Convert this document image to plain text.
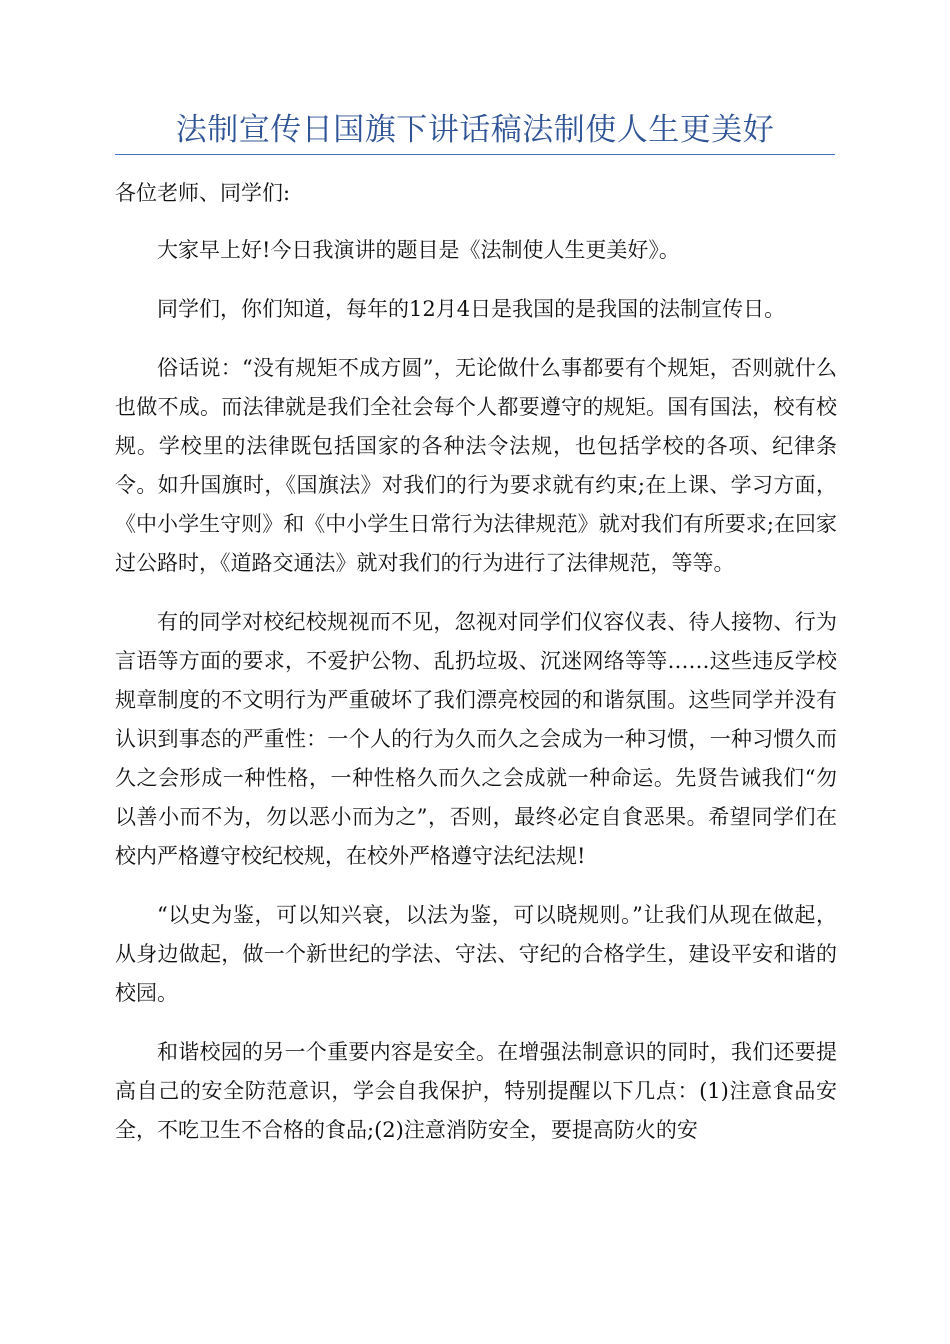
法制宣传日国旗下讲话稿法制使人生更美好

各位老师、同学们:

大家早上好!今日我演讲的题目是《法制使人生更美好》。

同学们，你们知道，每年的12月4日是我国的是我国的法制宣传日。

俗话说：“没有规矩不成方圆”，无论做什么事都要有个规矩，否则就什么也做不成。而法律就是我们全社会每个人都要遵守的规矩。国有国法，校有校规。学校里的法律既包括国家的各种法令法规，也包括学校的各项、纪律条令。如升国旗时，《国旗法》对我们的行为要求就有约束;在上课、学习方面，《中小学生守则》和《中小学生日常行为法律规范》就对我们有所要求;在回家过公路时，《道路交通法》就对我们的行为进行了法律规范，等等。

有的同学对校纪校规视而不见，忽视对同学们仪容仪表、待人接物、行为言语等方面的要求，不爱护公物、乱扔垃圾、沉迷网络等等……这些违反学校规章制度的不文明行为严重破坏了我们漂亮校园的和谐氛围。这些同学并没有认识到事态的严重性：一个人的行为久而久之会成为一种习惯，一种习惯久而久之会形成一种性格，一种性格久而久之会成就一种命运。先贤告诫我们“勿以善小而不为，勿以恶小而为之”，否则，最终必定自食恶果。希望同学们在校内严格遵守校纪校规，在校外严格遵守法纪法规!

“以史为鉴，可以知兴衰，以法为鉴，可以晓规则。”让我们从现在做起，从身边做起，做一个新世纪的学法、守法、守纪的合格学生，建设平安和谐的校园。

和谐校园的另一个重要内容是安全。在增强法制意识的同时，我们还要提高自己的安全防范意识，学会自我保护，特别提醒以下几点：(1)注意食品安全，不吃卫生不合格的食品;(2)注意消防安全，要提高防火的安
